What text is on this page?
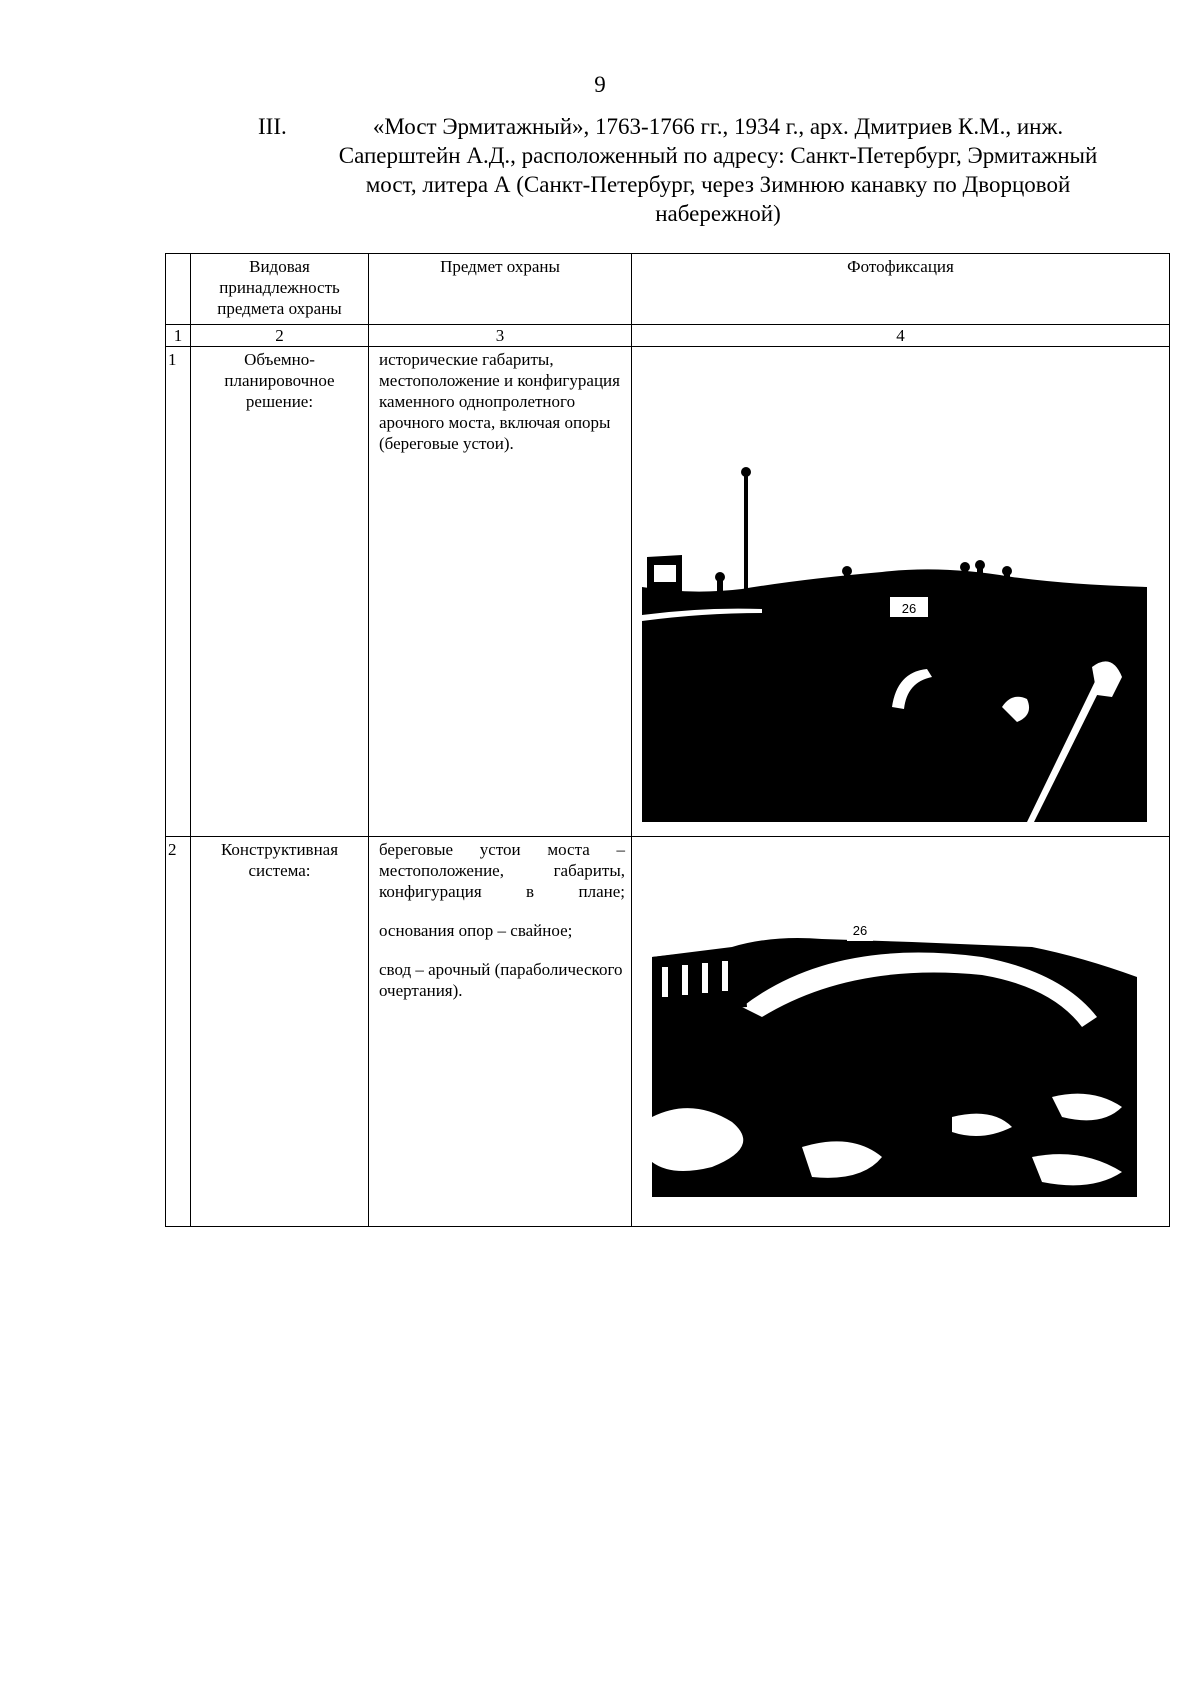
9
III.	«Мост Эрмитажный», 1763-1766 гг., 1934 г., арх. Дмитриев К.М., инж. Саперштейн А.Д., расположенный по адресу: Санкт-Петербург, Эрмитажный мост, литера А (Санкт-Петербург, через Зимнюю канавку по Дворцовой набережной)
	Видовая принадлежность предмета охраны	Предмет охраны	Фотофиксация
1	2	3	4
1	Объемно-планировочное решение:	исторические габариты, местоположение и конфигурация каменного однопролетного арочного моста, включая опоры (береговые устои).	26

2	Конструктивная система:	береговые устои моста – местоположение, габариты, конфигурация в плане;

основания опор – свайное;

свод – арочный (параболического очертания).	26
